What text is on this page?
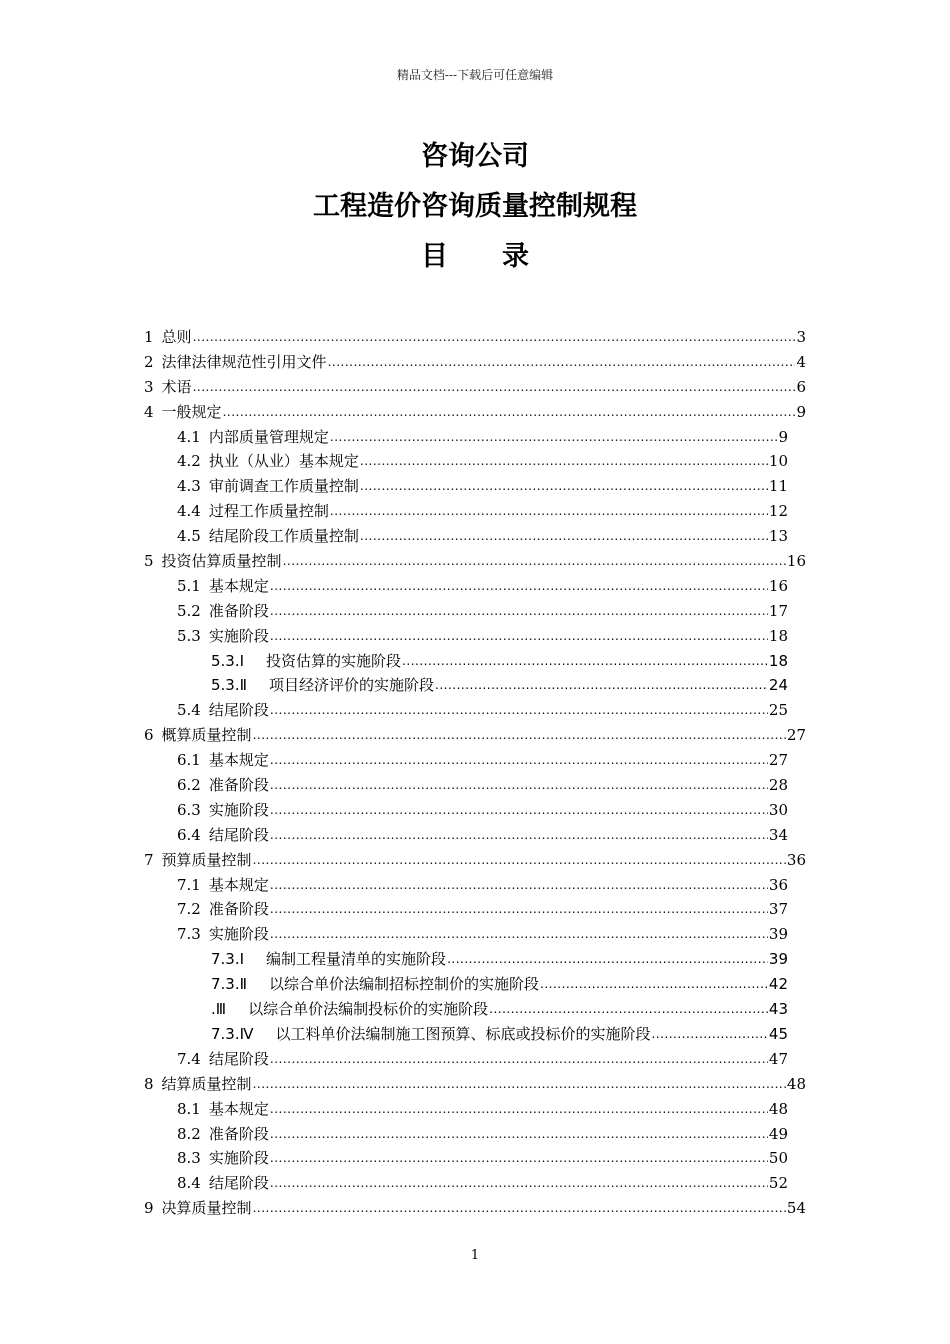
精品文档---下载后可任意编辑
咨询公司
工程造价咨询质量控制规程
目 录
1 总则 .....	3
2 法律法律规范性引用文件 .....	4
3 术语 .....	6
4 一般规定 .....	9
4.1 内部质量管理规定 .....	9
4.2 执业（从业）基本规定 .....	10
4.3 审前调查工作质量控制 .....	11
4.4 过程工作质量控制 .....	12
4.5 结尾阶段工作质量控制 .....	13
5 投资估算质量控制 .....	16
5.1 基本规定 .....	16
5.2 准备阶段 .....	17
5.3 实施阶段 .....	18
5.3.Ⅰ 投资估算的实施阶段 .....	18
5.3.Ⅱ 项目经济评价的实施阶段 .....	24
5.4 结尾阶段 .....	25
6 概算质量控制 .....	27
6.1 基本规定 .....	27
6.2 准备阶段 .....	28
6.3 实施阶段 .....	30
6.4 结尾阶段 .....	34
7 预算质量控制 .....	36
7.1 基本规定 .....	36
7.2 准备阶段 .....	37
7.3 实施阶段 .....	39
7.3.Ⅰ 编制工程量清单的实施阶段 .....	39
7.3.Ⅱ 以综合单价法编制招标控制价的实施阶段 .....	42
.Ⅲ 以综合单价法编制投标价的实施阶段 .....	43
7.3.Ⅳ 以工料单价法编制施工图预算、标底或投标价的实施阶段 .....	45
7.4 结尾阶段 .....	47
8 结算质量控制 .....	48
8.1 基本规定 .....	48
8.2 准备阶段 .....	49
8.3 实施阶段 .....	50
8.4 结尾阶段 .....	52
9 决算质量控制 .....	54
1
